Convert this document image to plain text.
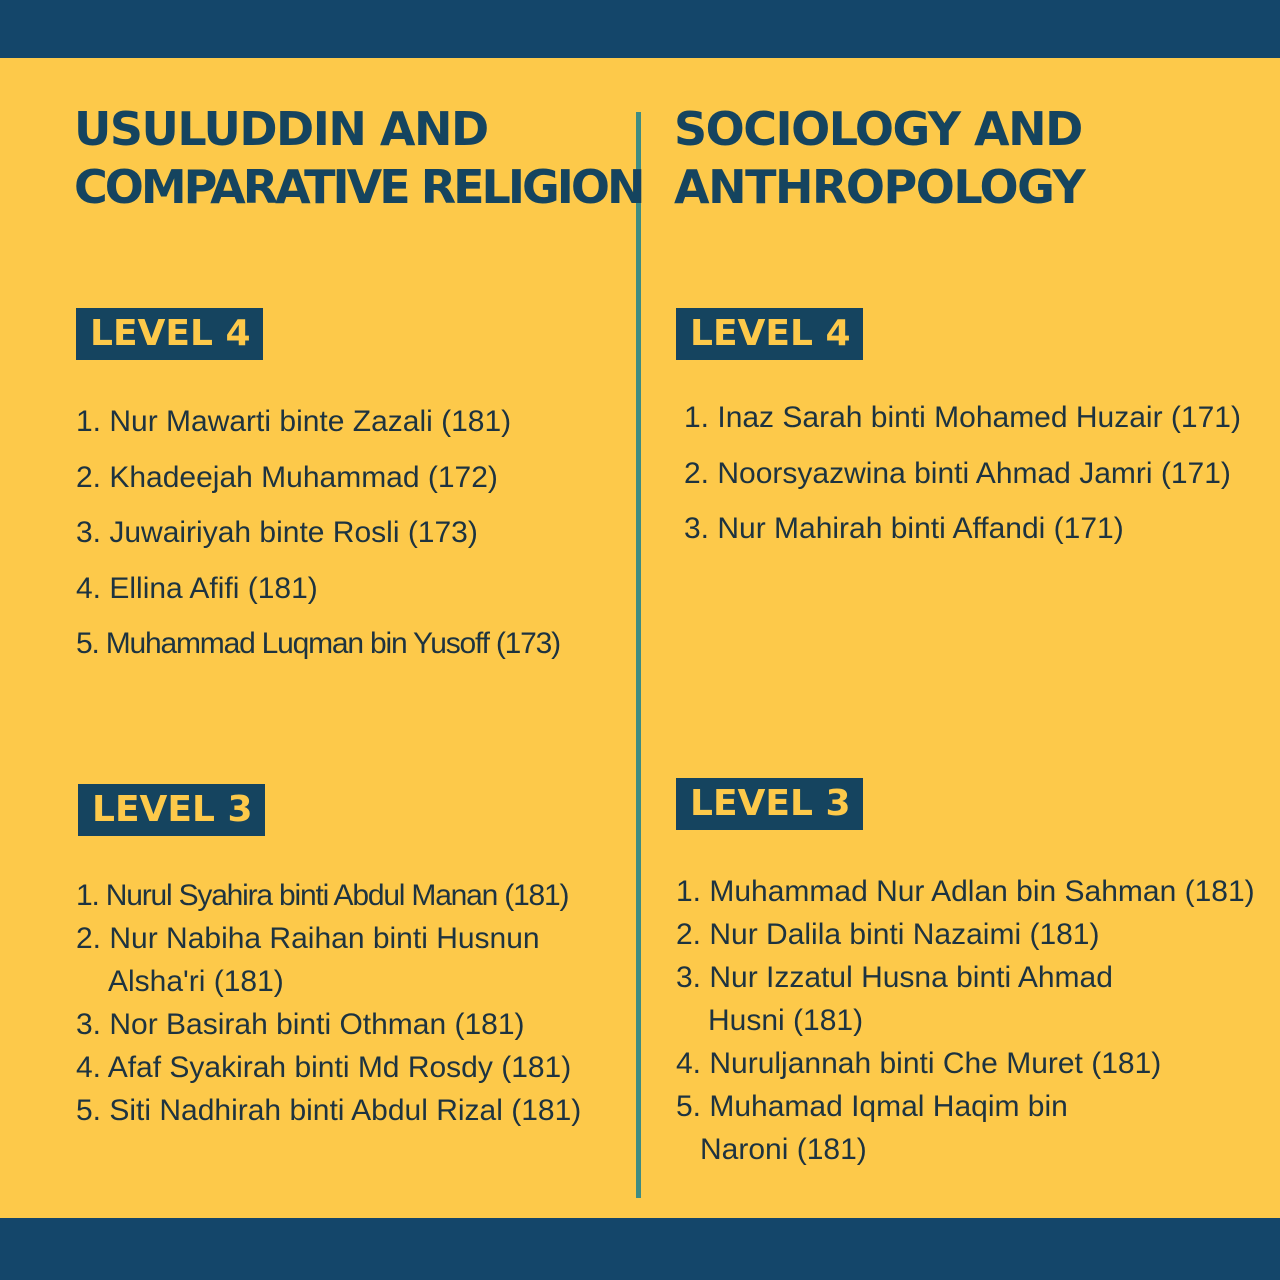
USULUDDIN AND
COMPARATIVE RELIGION
LEVEL 4
1. Nur Mawarti binte Zazali (181)
2. Khadeejah Muhammad (172)
3. Juwairiyah binte Rosli (173)
4. Ellina Afifi (181)
5. Muhammad Luqman bin Yusoff (173)
LEVEL 3
1. Nurul Syahira binti Abdul Manan (181)
2. Nur Nabiha Raihan binti Husnun
Alsha'ri (181)
3. Nor Basirah binti Othman (181)
4. Afaf Syakirah binti Md Rosdy (181)
5. Siti Nadhirah binti Abdul Rizal (181)
SOCIOLOGY AND
ANTHROPOLOGY
LEVEL 4
1. Inaz Sarah binti Mohamed Huzair (171)
2. Noorsyazwina binti Ahmad Jamri (171)
3. Nur Mahirah binti Affandi (171)
LEVEL 3
1. Muhammad Nur Adlan bin Sahman (181)
2. Nur Dalila binti Nazaimi (181)
3. Nur Izzatul Husna binti Ahmad
Husni (181)
4. Nuruljannah binti Che Muret (181)
5. Muhamad Iqmal Haqim bin
Naroni (181)
